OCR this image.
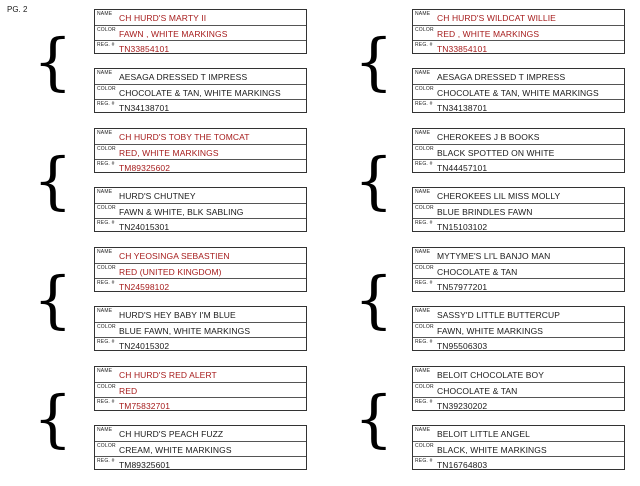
PG. 2
{
NAME CH HURD'S MARTY II
COLOR FAWN , WHITE MARKINGS
REG. # TN33854101
NAME AESAGA DRESSED T IMPRESS
COLOR CHOCOLATE & TAN, WHITE MARKINGS
REG. # TN34138701
{
NAME CH HURD'S TOBY THE TOMCAT
COLOR RED, WHITE MARKINGS
REG. # TM89325602
NAME HURD'S CHUTNEY
COLOR FAWN & WHITE, BLK SABLING
REG. # TN24015301
{
NAME CH YEOSINGA SEBASTIEN
COLOR RED (UNITED KINGDOM)
REG. # TN24598102
NAME HURD'S HEY BABY I'M BLUE
COLOR BLUE FAWN, WHITE MARKINGS
REG. # TN24015302
{
NAME CH HURD'S RED ALERT
COLOR RED
REG. # TM75832701
NAME CH HURD'S PEACH FUZZ
COLOR CREAM, WHITE MARKINGS
REG. # TM89325601
{
NAME CH HURD'S WILDCAT WILLIE
COLOR RED , WHITE MARKINGS
REG. # TN33854101
NAME AESAGA DRESSED T IMPRESS
COLOR CHOCOLATE & TAN, WHITE MARKINGS
REG. # TN34138701
{
NAME CHEROKEES J B BOOKS
COLOR BLACK SPOTTED ON WHITE
REG. # TN44457101
NAME CHEROKEES LIL MISS MOLLY
COLOR BLUE BRINDLES FAWN
REG. # TN15103102
{
NAME MYTYME'S LI'L BANJO MAN
COLOR CHOCOLATE & TAN
REG. # TN57977201
NAME SASSY'D LITTLE BUTTERCUP
COLOR FAWN, WHITE MARKINGS
REG. # TN95506303
{
NAME BELOIT CHOCOLATE BOY
COLOR CHOCOLATE & TAN
REG. # TN39230202
NAME BELOIT LITTLE ANGEL
COLOR BLACK, WHITE MARKINGS
REG. # TN16764803
